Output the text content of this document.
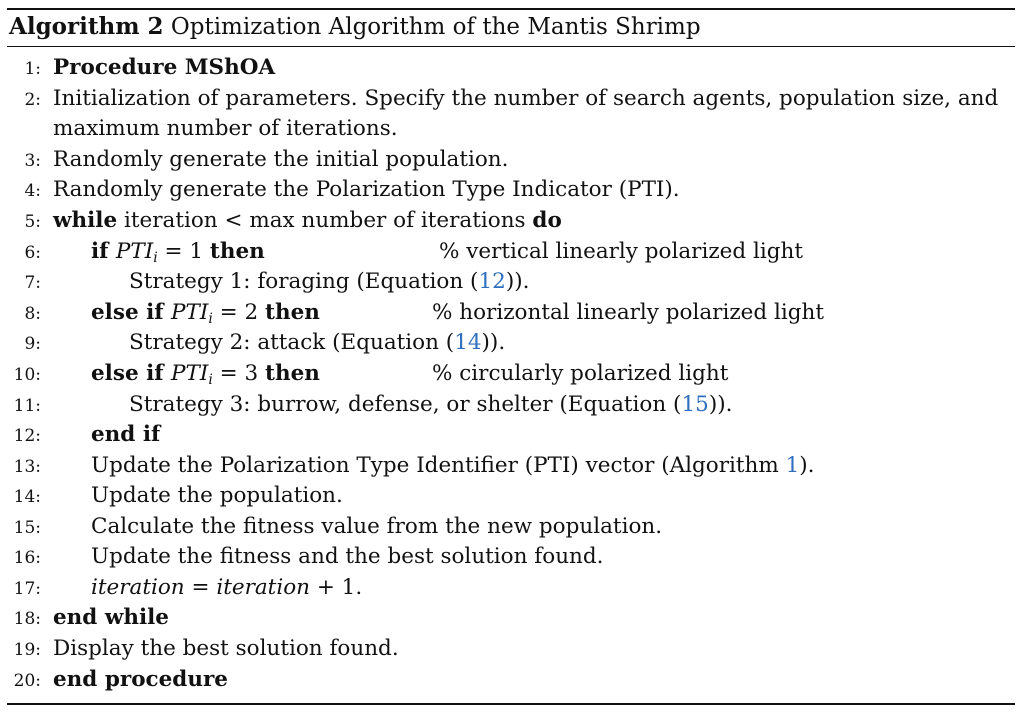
Algorithm 2 Optimization Algorithm of the Mantis Shrimp
1: Procedure MShOA
2: Initialization of parameters. Specify the number of search agents, population size, and
maximum number of iterations.
3: Randomly generate the initial population.
4: Randomly generate the Polarization Type Indicator (PTI).
5: while iteration < max number of iterations do
6: if $PTI_i = 1$ then	% vertical linearly polarized light
7:	Strategy 1: foraging (Equation (12)).
8: else if $PTI_i = 2$ then	% horizontal linearly polarized light
9:	Strategy 2: attack (Equation (14)).
10: else if $PTI_i = 3$ then	% circularly polarized light
11:	Strategy 3: burrow, defense, or shelter (Equation (15)).
12: end if
13: Update the Polarization Type Identifier (PTI) vector (Algorithm 1).
14: Update the population.
15: Calculate the fitness value from the new population.
16: Update the fitness and the best solution found.
17: iteration = iteration + 1.
18: end while
19: Display the best solution found.
20: end procedure
